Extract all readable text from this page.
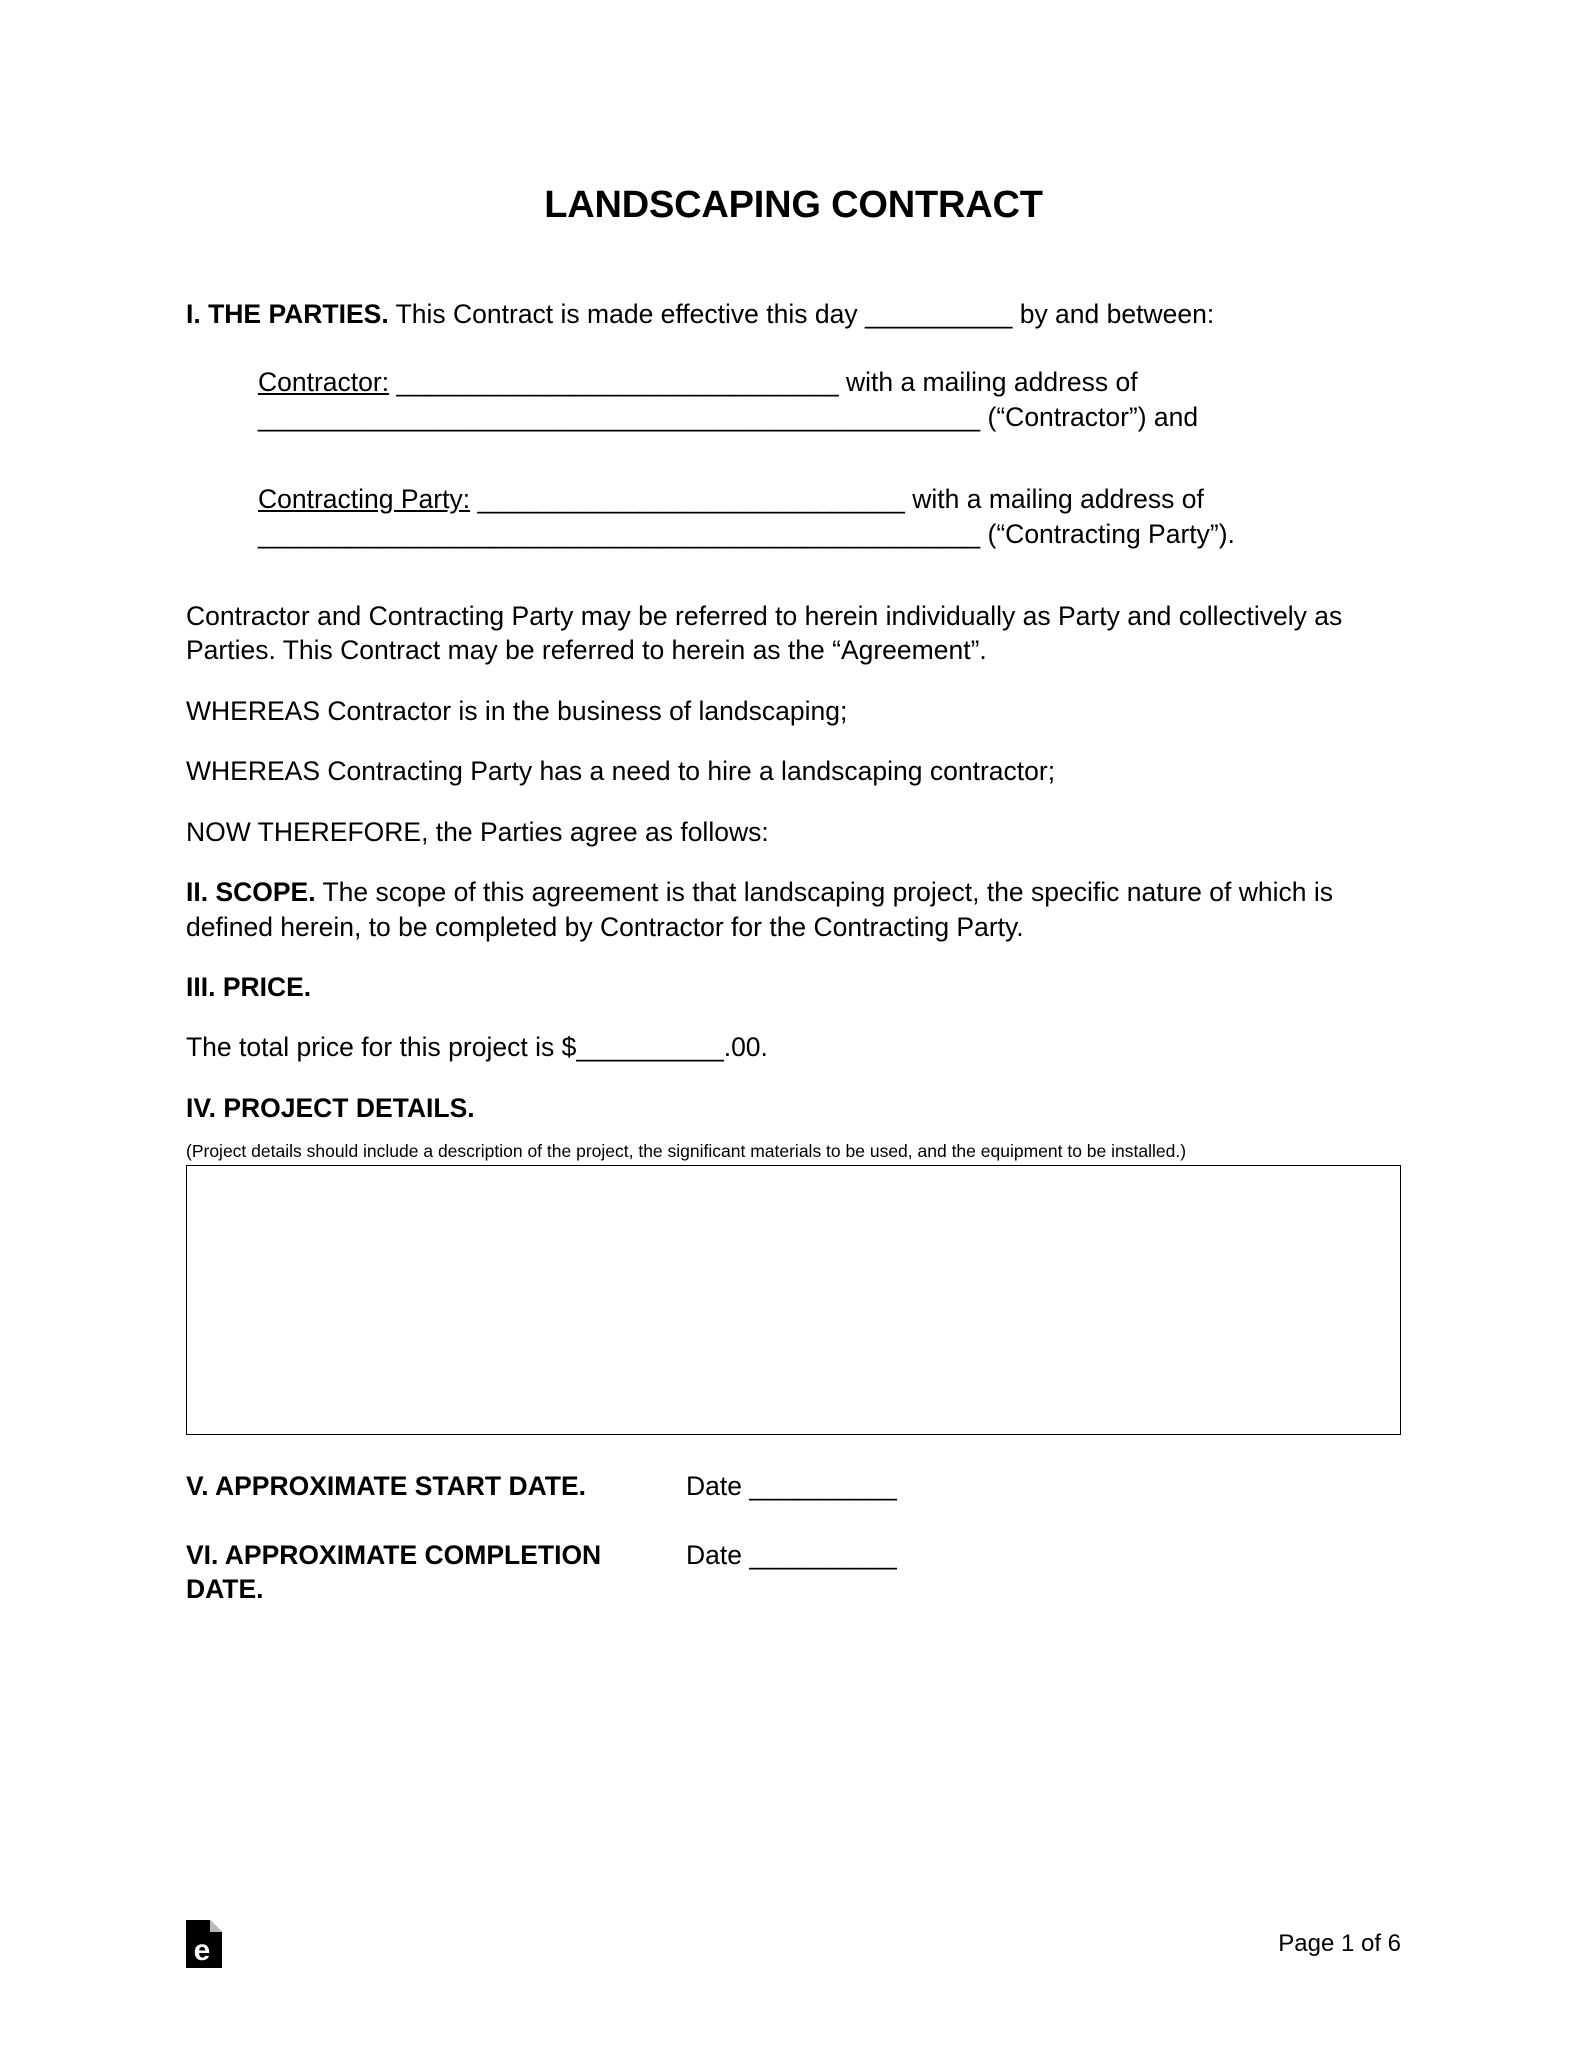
LANDSCAPING CONTRACT

I. THE PARTIES. This Contract is made effective this day __________ by and between:

Contractor: ______________________________ with a mailing address of

_________________________________________________ (“Contractor”) and

Contracting Party: _____________________________ with a mailing address of

_________________________________________________ (“Contracting Party”).

Contractor and Contracting Party may be referred to herein individually as Party and collectively as Parties. This Contract may be referred to herein as the “Agreement”.

WHEREAS Contractor is in the business of landscaping;

WHEREAS Contracting Party has a need to hire a landscaping contractor;

NOW THEREFORE, the Parties agree as follows:

II. SCOPE. The scope of this agreement is that landscaping project, the specific nature of which is defined herein, to be completed by Contractor for the Contracting Party.

III. PRICE.

The total price for this project is $__________.00.

IV. PROJECT DETAILS.

(Project details should include a description of the project, the significant materials to be used, and the equipment to be installed.)

V. APPROXIMATE START DATE.	Date __________
VI. APPROXIMATE COMPLETION DATE.
Date __________
e	Page 1 of 6
